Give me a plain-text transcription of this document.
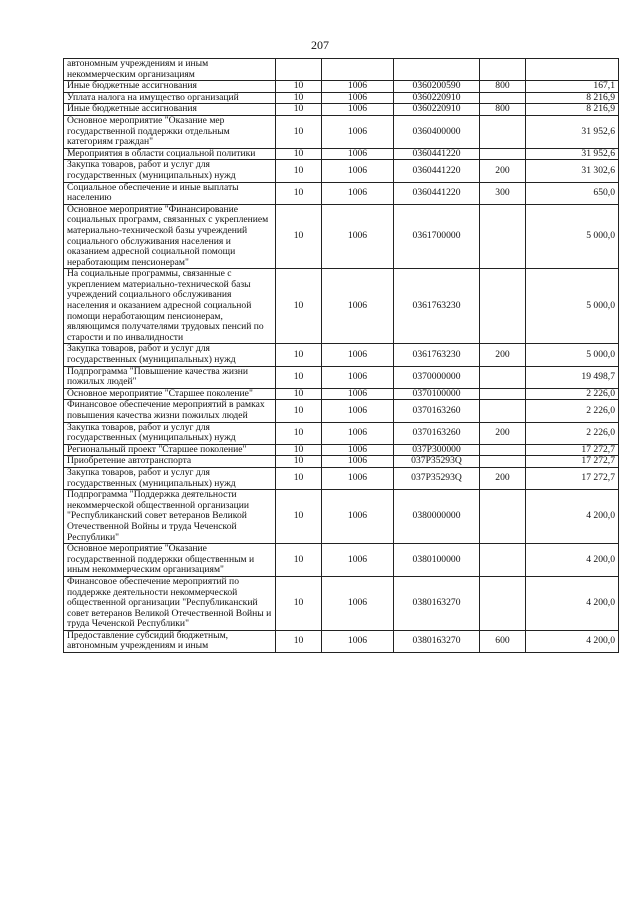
207
автономным учреждениям и иным некоммерческим организациям					
Иные бюджетные ассигнования	10	1006	0360200590	800	167,1
Уплата налога на имущество организаций	10	1006	0360220910		8 216,9
Иные бюджетные ассигнования	10	1006	0360220910	800	8 216,9
Основное мероприятие "Оказание мер государственной поддержки отдельным категориям граждан"	10	1006	0360400000		31 952,6
Мероприятия в области социальной политики	10	1006	0360441220		31 952,6
Закупка товаров, работ и услуг для государственных (муниципальных) нужд	10	1006	0360441220	200	31 302,6
Социальное обеспечение и иные выплаты населению	10	1006	0360441220	300	650,0
Основное мероприятие "Финансирование социальных программ, связанных с укреплением материально-технической базы учреждений социального обслуживания населения и оказанием адресной социальной помощи неработающим пенсионерам"	10	1006	0361700000		5 000,0
На социальные программы, связанные с укреплением материально-технической базы учреждений социального обслуживания населения и оказанием адресной социальной помощи неработающим пенсионерам, являющимся получателями трудовых пенсий по старости и по инвалидности	10	1006	0361763230		5 000,0
Закупка товаров, работ и услуг для государственных (муниципальных) нужд	10	1006	0361763230	200	5 000,0
Подпрограмма "Повышение качества жизни пожилых людей"	10	1006	0370000000		19 498,7
Основное мероприятие "Старшее поколение"	10	1006	0370100000		2 226,0
Финансовое обеспечение мероприятий в рамках повышения качества жизни пожилых людей	10	1006	0370163260		2 226,0
Закупка товаров, работ и услуг для государственных (муниципальных) нужд	10	1006	0370163260	200	2 226,0
Региональный проект "Старшее поколение"	10	1006	037P300000		17 272,7
Приобретение автотранспорта	10	1006	037P35293Q		17 272,7
Закупка товаров, работ и услуг для государственных (муниципальных) нужд	10	1006	037P35293Q	200	17 272,7
Подпрограмма "Поддержка деятельности некоммерческой общественной организации "Республиканский совет ветеранов Великой Отечественной Войны и труда Чеченской Республики"	10	1006	0380000000		4 200,0
Основное мероприятие "Оказание государственной поддержки общественным и иным некоммерческим организациям"	10	1006	0380100000		4 200,0
Финансовое обеспечение мероприятий по поддержке деятельности некоммерческой общественной организации "Республиканский совет ветеранов Великой Отечественной Войны и труда Чеченской Республики"	10	1006	0380163270		4 200,0
Предоставление субсидий бюджетным, автономным учреждениям и иным	10	1006	0380163270	600	4 200,0
